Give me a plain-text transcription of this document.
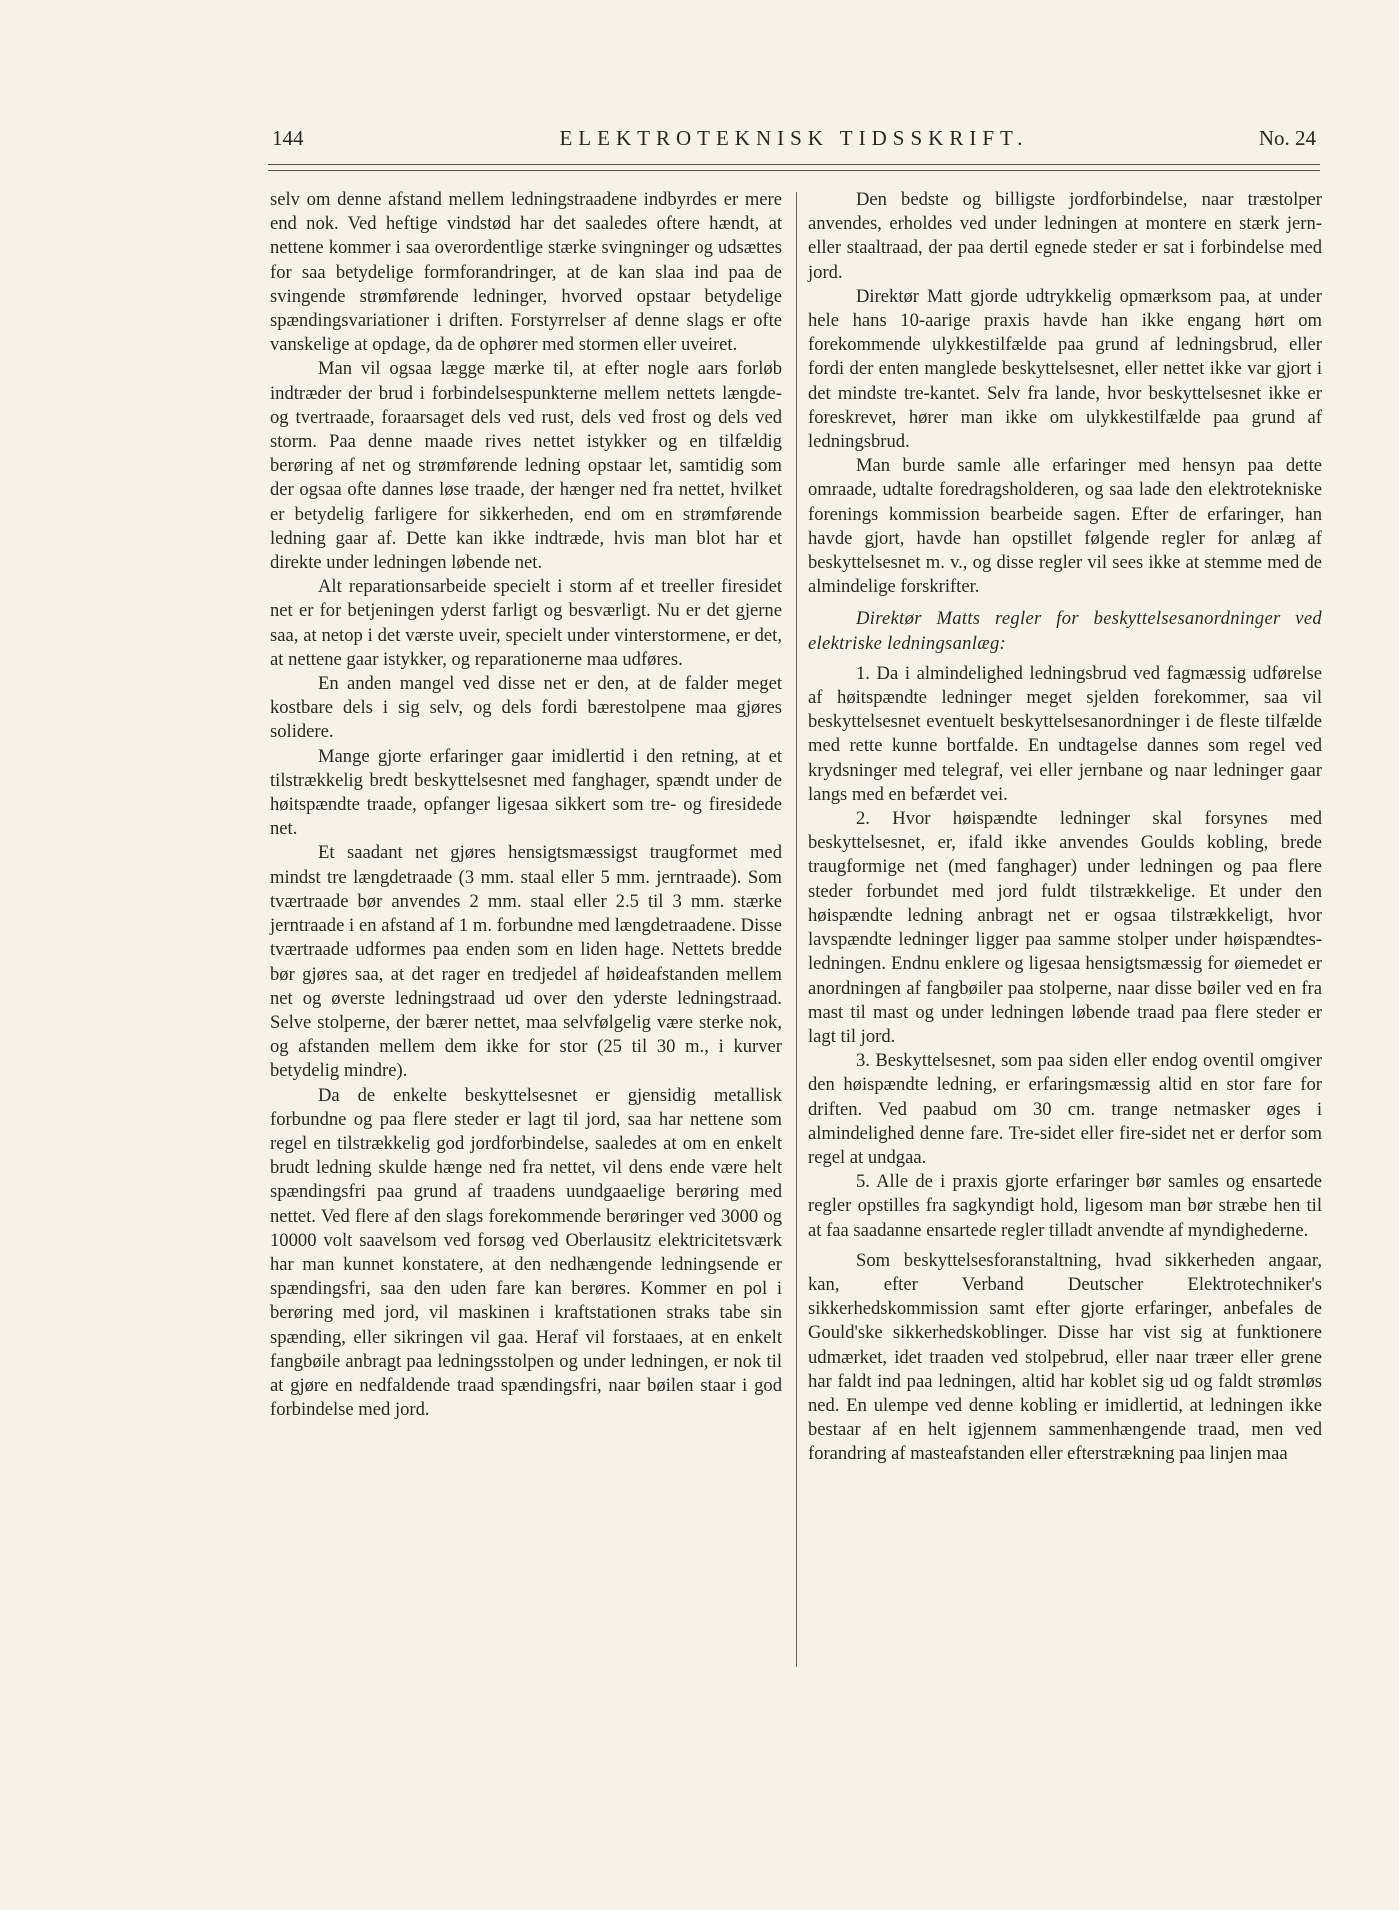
144	ELEKTROTEKNISK TIDSSKRIFT.	No. 24

selv om denne afstand mellem ledningstraadene indbyrdes er mere end nok. Ved heftige vindstød har det saaledes oftere hændt, at nettene kommer i saa overordentlige stærke svingninger og udsættes for saa betydelige formforandringer, at de kan slaa ind paa de svingende strømførende ledninger, hvorved opstaar betydelige spændingsvariationer i driften. Forstyrrelser af denne slags er ofte vanskelige at opdage, da de ophører med stormen eller uveiret.

Man vil ogsaa lægge mærke til, at efter nogle aars forløb indtræder der brud i forbindelsespunkterne mellem nettets længde- og tvertraade, foraarsaget dels ved rust, dels ved frost og dels ved storm. Paa denne maade rives nettet istykker og en tilfældig berøring af net og strømførende ledning opstaar let, samtidig som der ogsaa ofte dannes løse traade, der hænger ned fra nettet, hvilket er betydelig farligere for sikkerheden, end om en strømførende ledning gaar af. Dette kan ikke indtræde, hvis man blot har et direkte under ledningen løbende net.

Alt reparationsarbeide specielt i storm af et treeller firesidet net er for betjeningen yderst farligt og besværligt. Nu er det gjerne saa, at netop i det værste uveir, specielt under vinterstormene, er det, at nettene gaar istykker, og reparationerne maa udføres.

En anden mangel ved disse net er den, at de falder meget kostbare dels i sig selv, og dels fordi bærestolpene maa gjøres solidere.

Mange gjorte erfaringer gaar imidlertid i den retning, at et tilstrækkelig bredt beskyttelsesnet med fanghager, spændt under de høitspændte traade, opfanger ligesaa sikkert som tre- og firesidede net.

Et saadant net gjøres hensigtsmæssigst traugformet med mindst tre længdetraade (3 mm. staal eller 5 mm. jerntraade). Som tværtraade bør anvendes 2 mm. staal eller 2.5 til 3 mm. stærke jerntraade i en afstand af 1 m. forbundne med længdetraadene. Disse tværtraade udformes paa enden som en liden hage. Nettets bredde bør gjøres saa, at det rager en tredjedel af høideafstanden mellem net og øverste ledningstraad ud over den yderste ledningstraad. Selve stolperne, der bærer nettet, maa selvfølgelig være sterke nok, og afstanden mellem dem ikke for stor (25 til 30 m., i kurver betydelig mindre).

Da de enkelte beskyttelsesnet er gjensidig metallisk forbundne og paa flere steder er lagt til jord, saa har nettene som regel en tilstrækkelig god jordforbindelse, saaledes at om en enkelt brudt ledning skulde hænge ned fra nettet, vil dens ende være helt spændingsfri paa grund af traadens uundgaaelige berøring med nettet. Ved flere af den slags forekommende berøringer ved 3000 og 10000 volt saavelsom ved forsøg ved Oberlausitz elektricitetsværk har man kunnet konstatere, at den nedhængende ledningsende er spændingsfri, saa den uden fare kan berøres. Kommer en pol i berøring med jord, vil maskinen i kraftstationen straks tabe sin spænding, eller sikringen vil gaa. Heraf vil forstaaes, at en enkelt fangbøile anbragt paa ledningsstolpen og under ledningen, er nok til at gjøre en nedfaldende traad spændingsfri, naar bøilen staar i god forbindelse med jord.

Den bedste og billigste jordforbindelse, naar træstolper anvendes, erholdes ved under ledningen at montere en stærk jern- eller staaltraad, der paa dertil egnede steder er sat i forbindelse med jord.

Direktør Matt gjorde udtrykkelig opmærksom paa, at under hele hans 10-aarige praxis havde han ikke engang hørt om forekommende ulykkestilfælde paa grund af ledningsbrud, eller fordi der enten manglede beskyttelsesnet, eller nettet ikke var gjort i det mindste tre-kantet. Selv fra lande, hvor beskyttelsesnet ikke er foreskrevet, hører man ikke om ulykkestilfælde paa grund af ledningsbrud.

Man burde samle alle erfaringer med hensyn paa dette omraade, udtalte foredragsholderen, og saa lade den elektrotekniske forenings kommission bearbeide sagen. Efter de erfaringer, han havde gjort, havde han opstillet følgende regler for anlæg af beskyttelsesnet m. v., og disse regler vil sees ikke at stemme med de almindelige forskrifter.

Direktør Matts regler for beskyttelsesanordninger ved elektriske ledningsanlæg:

1. Da i almindelighed ledningsbrud ved fagmæssig udførelse af høitspændte ledninger meget sjelden forekommer, saa vil beskyttelsesnet eventuelt beskyttelsesanordninger i de fleste tilfælde med rette kunne bortfalde. En undtagelse dannes som regel ved krydsninger med telegraf, vei eller jernbane og naar ledninger gaar langs med en befærdet vei.

2. Hvor høispændte ledninger skal forsynes med beskyttelsesnet, er, ifald ikke anvendes Goulds kobling, brede traugformige net (med fanghager) under ledningen og paa flere steder forbundet med jord fuldt tilstrækkelige. Et under den høispændte ledning anbragt net er ogsaa tilstrækkeligt, hvor lavspændte ledninger ligger paa samme stolper under høispændtes-ledningen. Endnu enklere og ligesaa hensigtsmæssig for øiemedet er anordningen af fangbøiler paa stolperne, naar disse bøiler ved en fra mast til mast og under ledningen løbende traad paa flere steder er lagt til jord.

3. Beskyttelsesnet, som paa siden eller endog oventil omgiver den høispændte ledning, er erfaringsmæssig altid en stor fare for driften. Ved paabud om 30 cm. trange netmasker øges i almindelighed denne fare. Tre-sidet eller fire-sidet net er derfor som regel at undgaa.

5. Alle de i praxis gjorte erfaringer bør samles og ensartede regler opstilles fra sagkyndigt hold, ligesom man bør stræbe hen til at faa saadanne ensartede regler tilladt anvendte af myndighederne.

Som beskyttelsesforanstaltning, hvad sikkerheden angaar, kan, efter Verband Deutscher Elektrotechniker's sikkerhedskommission samt efter gjorte erfaringer, anbefales de Gould'ske sikkerhedskoblinger. Disse har vist sig at funktionere udmærket, idet traaden ved stolpebrud, eller naar træer eller grene har faldt ind paa ledningen, altid har koblet sig ud og faldt strømløs ned. En ulempe ved denne kobling er imidlertid, at ledningen ikke bestaar af en helt igjennem sammenhængende traad, men ved forandring af masteafstanden eller efterstrækning paa linjen maa
